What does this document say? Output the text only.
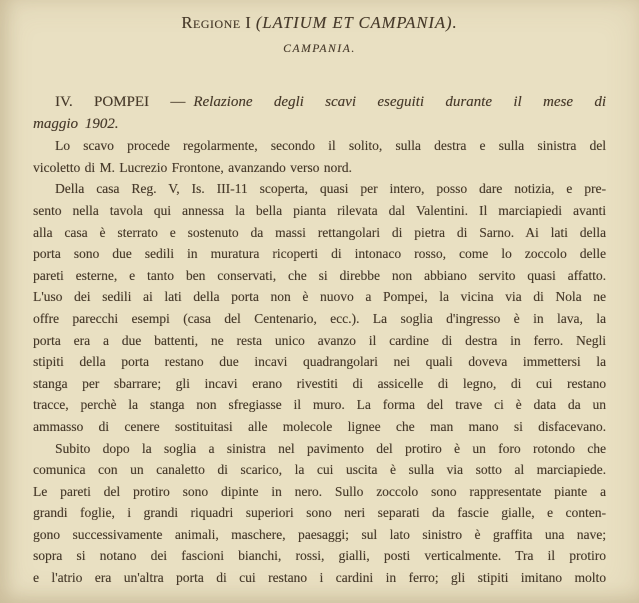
Regione I (LATIUM ET CAMPANIA).
CAMPANIA.
IV. POMPEI — Relazione degli scavi eseguiti durante il mese di
maggio 1902.
Lo scavo procede regolarmente, secondo il solito, sulla destra e sulla sinistra del
vicoletto di M. Lucrezio Frontone, avanzando verso nord.
Della casa Reg. V, Is. III-11 scoperta, quasi per intero, posso dare notizia, e pre-
sento nella tavola qui annessa la bella pianta rilevata dal Valentini. Il marciapiedi avanti
alla casa è sterrato e sostenuto da massi rettangolari di pietra di Sarno. Ai lati della
porta sono due sedili in muratura ricoperti di intonaco rosso, come lo zoccolo delle
pareti esterne, e tanto ben conservati, che si direbbe non abbiano servito quasi affatto.
L'uso dei sedili ai lati della porta non è nuovo a Pompei, la vicina via di Nola ne
offre parecchi esempi (casa del Centenario, ecc.). La soglia d'ingresso è in lava, la
porta era a due battenti, ne resta unico avanzo il cardine di destra in ferro. Negli
stipiti della porta restano due incavi quadrangolari nei quali doveva immettersi la
stanga per sbarrare; gli incavi erano rivestiti di assicelle di legno, di cui restano
tracce, perchè la stanga non sfregiasse il muro. La forma del trave ci è data da un
ammasso di cenere sostituitasi alle molecole lignee che man mano si disfacevano.
Subito dopo la soglia a sinistra nel pavimento del protiro è un foro rotondo che
comunica con un canaletto di scarico, la cui uscita è sulla via sotto al marciapiede.
Le pareti del protiro sono dipinte in nero. Sullo zoccolo sono rappresentate piante a
grandi foglie, i grandi riquadri superiori sono neri separati da fascie gialle, e conten-
gono successivamente animali, maschere, paesaggi; sul lato sinistro è graffita una nave;
sopra si notano dei fascioni bianchi, rossi, gialli, posti verticalmente. Tra il protiro
e l'atrio era un'altra porta di cui restano i cardini in ferro; gli stipiti imitano molto
